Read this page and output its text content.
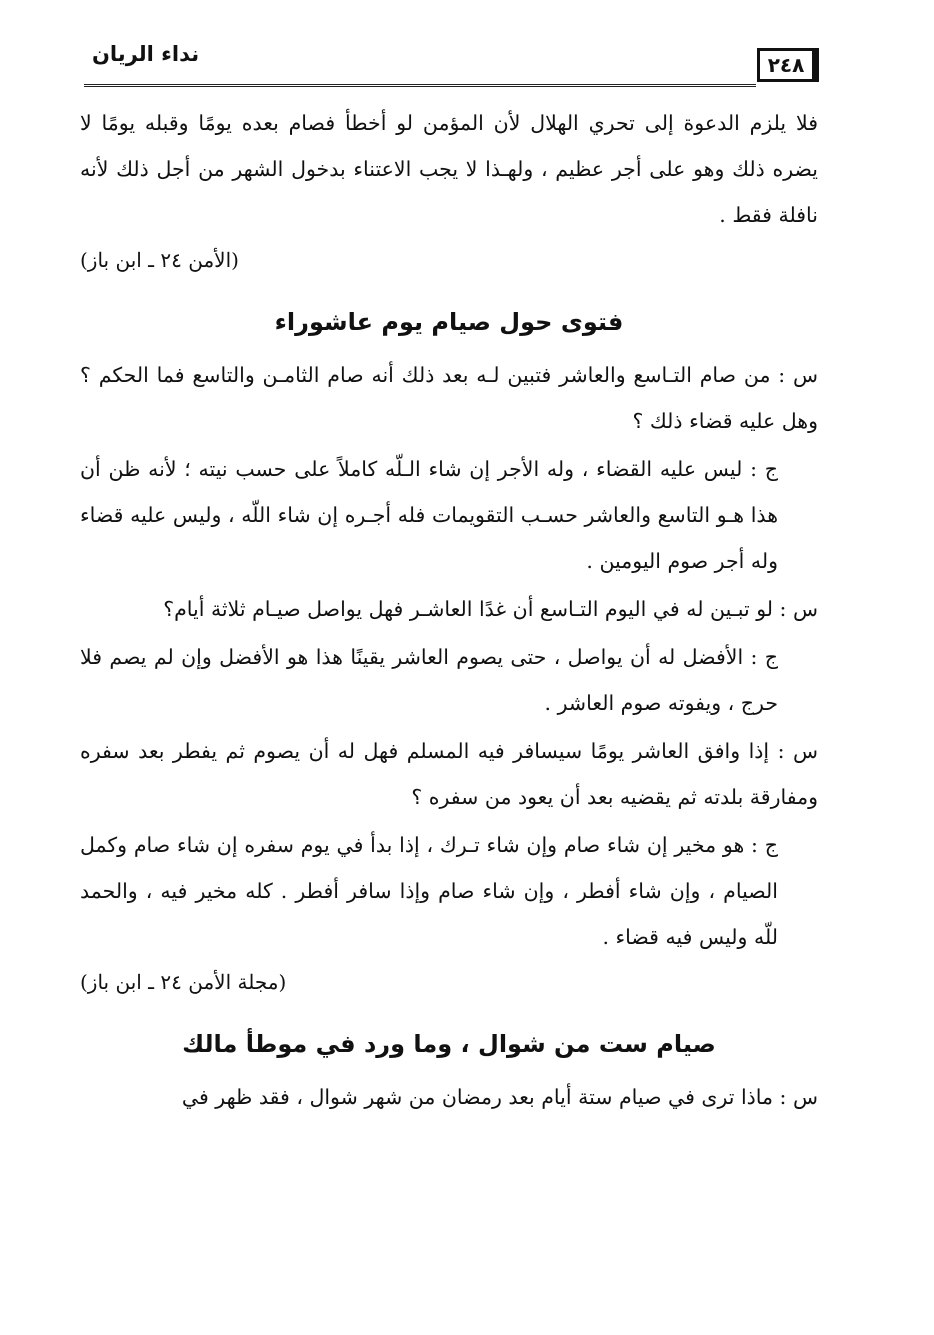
٢٤٨
نداء الريان

فلا يلزم الدعوة إلى تحري الهلال لأن المؤمن لو أخطأ فصام بعده يومًا وقبله يومًا لا يضره ذلك وهو على أجر عظيم ، ولهـذا لا يجب الاعتناء بدخول الشهر من أجل ذلك لأنه نافلة فقط .

(الأمن ٢٤ ـ ابن باز)
فتوى حول صيام يوم عاشوراء

س : من صام التـاسع والعاشر فتبين لـه بعد ذلك أنه صام الثامـن والتاسع فما الحكم ؟ وهل عليه قضاء ذلك ؟

ج : ليس عليه القضاء ، وله الأجر إن شاء الـلّه كاملاً على حسب نيته ؛ لأنه ظن أن هذا هـو التاسع والعاشر حسـب التقويمات فله أجـره إن شاء اللّه ، وليس عليه قضاء وله أجر صوم اليومين .

س : لو تبـين له في اليوم التـاسع أن غدًا العاشـر فهل يواصل صيـام ثلاثة أيام؟

ج : الأفضل له أن يواصل ، حتى يصوم العاشر يقينًا هذا هو الأفضل وإن لم يصم فلا حرج ، ويفوته صوم العاشر .

س : إذا وافق العاشر يومًا سيسافر فيه المسلم فهل له أن يصوم ثم يفطر بعد سفره ومفارقة بلدته ثم يقضيه بعد أن يعود من سفره ؟

ج : هو مخير إن شاء صام وإن شاء تـرك ، إذا بدأ في يوم سفره إن شاء صام وكمل الصيام ، وإن شاء أفطر ، وإن شاء صام وإذا سافر أفطر . كله مخير فيه ، والحمد للّه وليس فيه قضاء .

(مجلة الأمن ٢٤ ـ ابن باز)
صيام ست من شوال ، وما ورد في موطأ مالك

س : ماذا ترى في صيام ستة أيام بعد رمضان من شهر شوال ، فقد ظهر في
